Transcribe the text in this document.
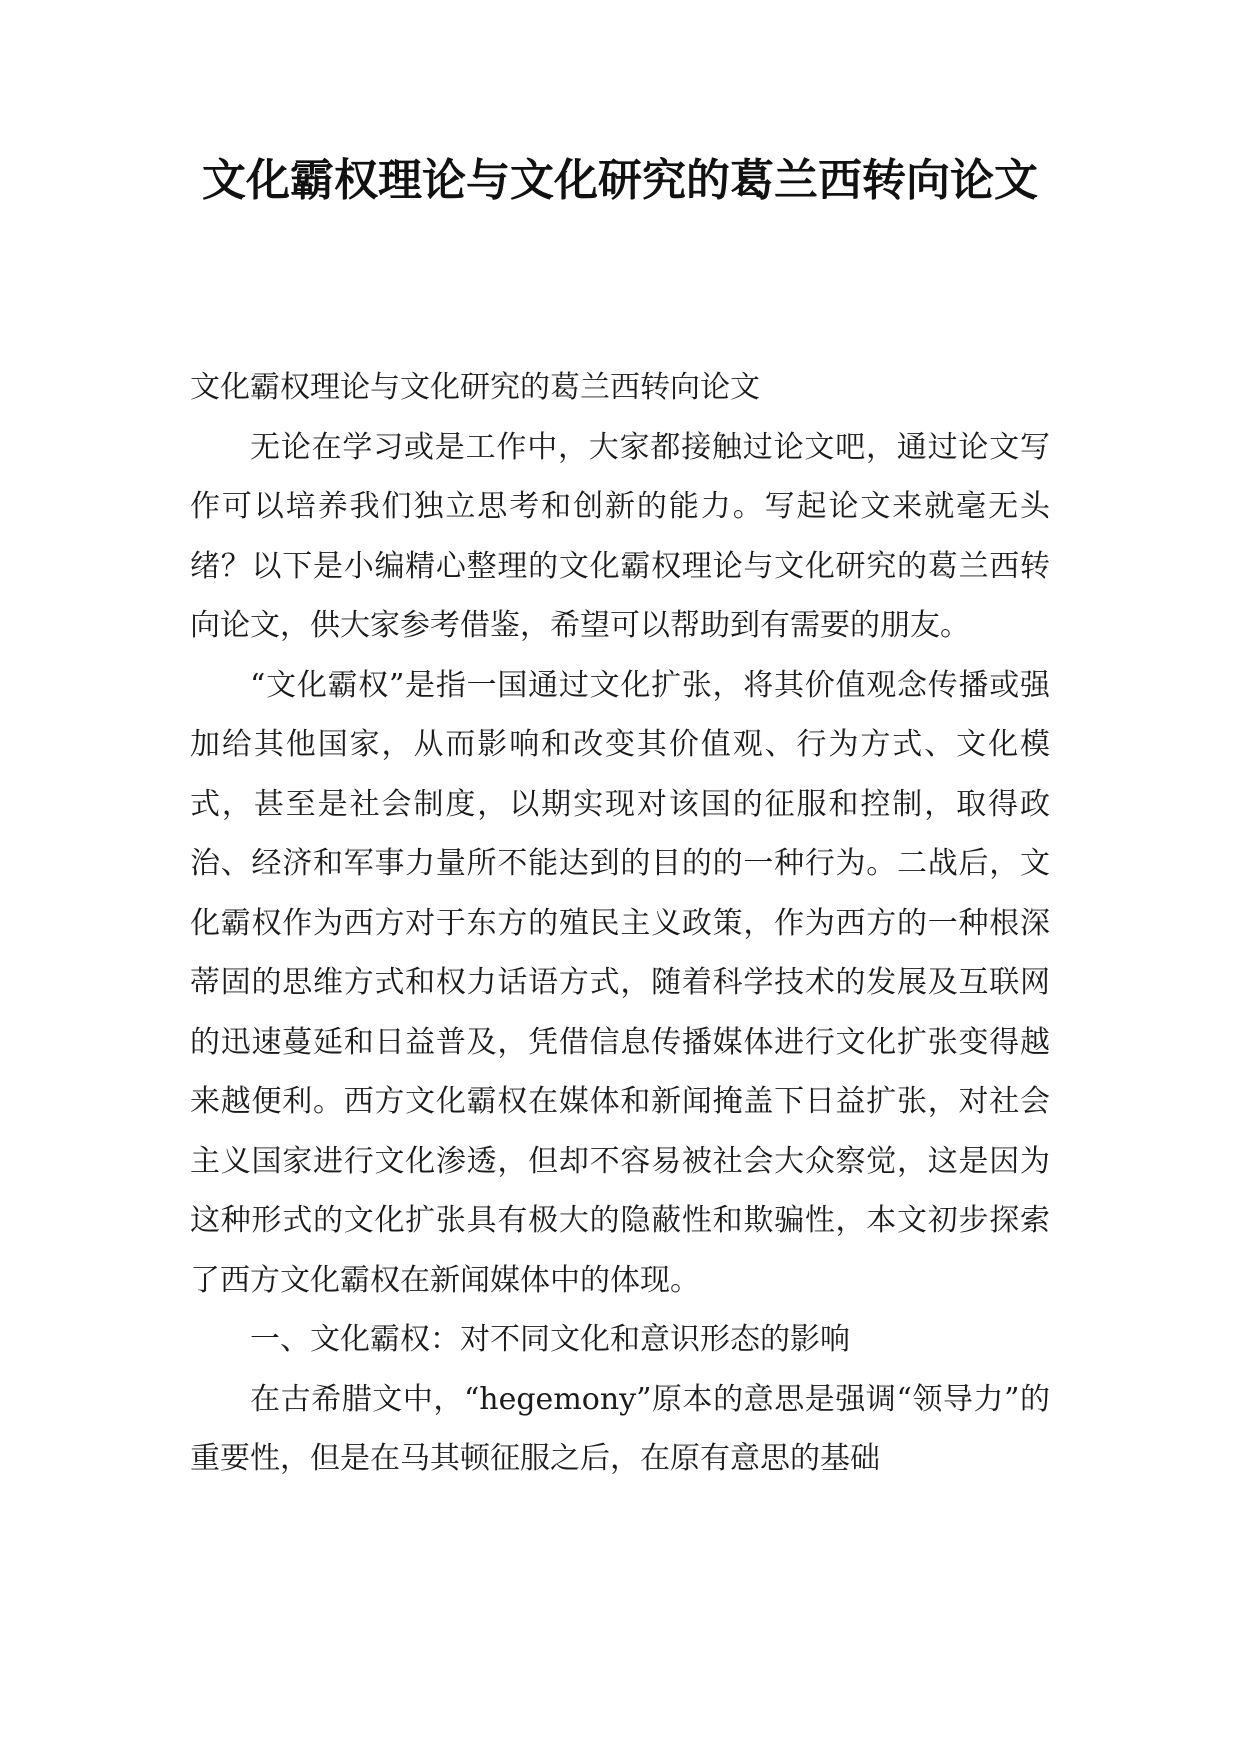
文化霸权理论与文化研究的葛兰西转向论文

文化霸权理论与文化研究的葛兰西转向论文

无论在学习或是工作中，大家都接触过论文吧，通过论文写作可以培养我们独立思考和创新的能力。写起论文来就毫无头绪？以下是小编精心整理的文化霸权理论与文化研究的葛兰西转向论文，供大家参考借鉴，希望可以帮助到有需要的朋友。

“文化霸权”是指一国通过文化扩张，将其价值观念传播或强加给其他国家，从而影响和改变其价值观、行为方式、文化模式，甚至是社会制度，以期实现对该国的征服和控制，取得政治、经济和军事力量所不能达到的目的的一种行为。二战后，文化霸权作为西方对于东方的殖民主义政策，作为西方的一种根深蒂固的思维方式和权力话语方式，随着科学技术的发展及互联网的迅速蔓延和日益普及，凭借信息传播媒体进行文化扩张变得越来越便利。西方文化霸权在媒体和新闻掩盖下日益扩张，对社会主义国家进行文化渗透，但却不容易被社会大众察觉，这是因为这种形式的文化扩张具有极大的隐蔽性和欺骗性，本文初步探索了西方文化霸权在新闻媒体中的体现。

一、文化霸权：对不同文化和意识形态的影响

在古希腊文中，“hegemony”原本的意思是强调“领导力”的重要性，但是在马其顿征服之后，在原有意思的基础
